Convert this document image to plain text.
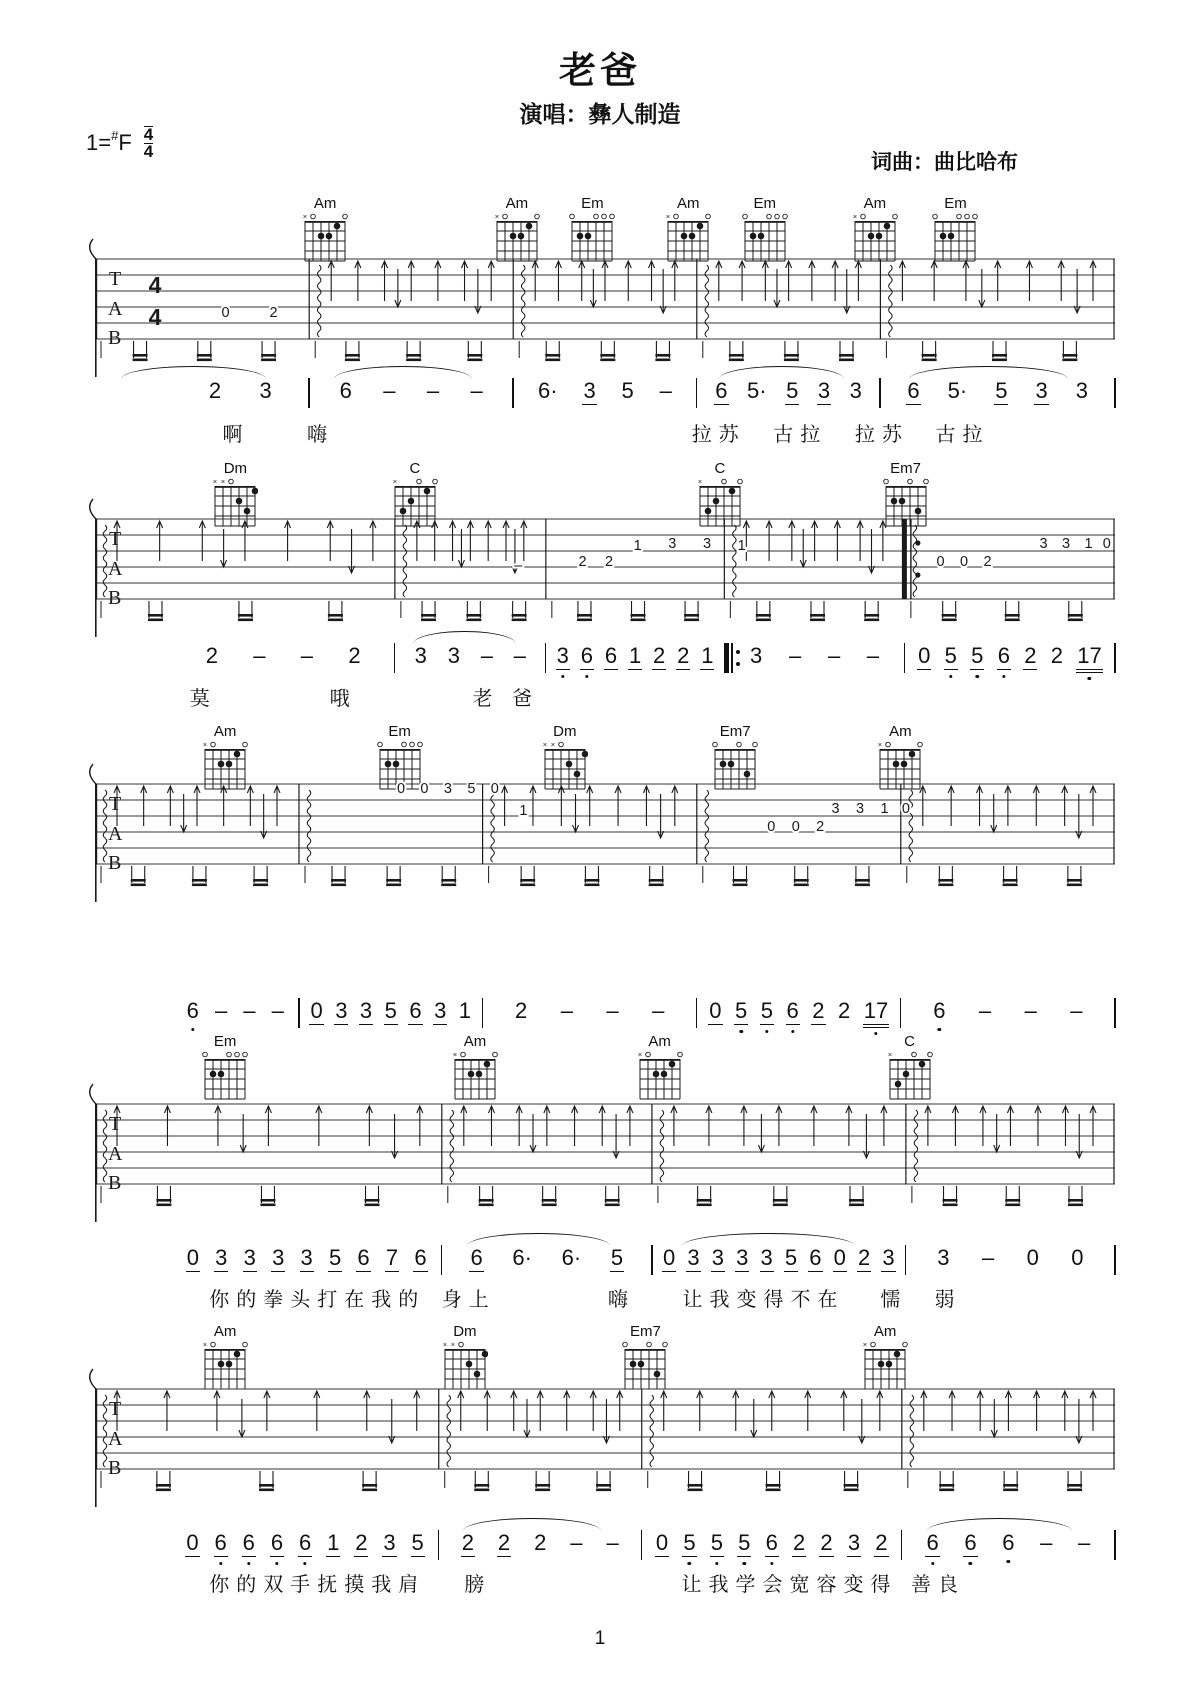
老爸
演唱：彝人制造
1= # F 4
4	词曲：曲比哈布
Am
×
Am
×
Em	Am
×
Em	Am
×
Em
T
A
B
4
4	0	2
2 3	6 – – –	6· 3 5 – 6 5· 5 3 3 6 5· 5 3 3
啊	嗨	拉苏 古拉 拉苏 古拉
Dm
× ×
C
×
C
×
Em7
T
A
B
–	2 2
1 3 3 1
0 0 2
3 3 1 0
2 – – 2 3 3 – – 3 6 6 1 2 2 1 3 – – – 0 5 5 6 2 2 17
莫	哦	老 爸
Am
×
Em	Dm
× ×
Em7	Am
×
T
A
B
0 0 3 5 0
1
0 0 2
3 3 1 0
6 – – – 0 3 3 5 6 3 1 2 – – – 0 5 5 6 2 2 17 6 – – –
Em	Am
×
Am
×
C
×
T
A
B
0 3 3 3 3 5 6 7 6 6 6· 6· 5 0 3 3 3 3 5 6 0 2 3 3 – 0 0
你的拳头打在我的 身上	嗨	让我变得不在 懦 弱
Am
×
Dm
× ×
Em7	Am
×
T
A
B
0 6 6 6 6 1 2 3 5 2 2 2 – – 0 5 5 5 6 2 2 3 2 6 6 6 – –
你的双手抚摸我肩 膀	让我学会宽容变得 善良
1
